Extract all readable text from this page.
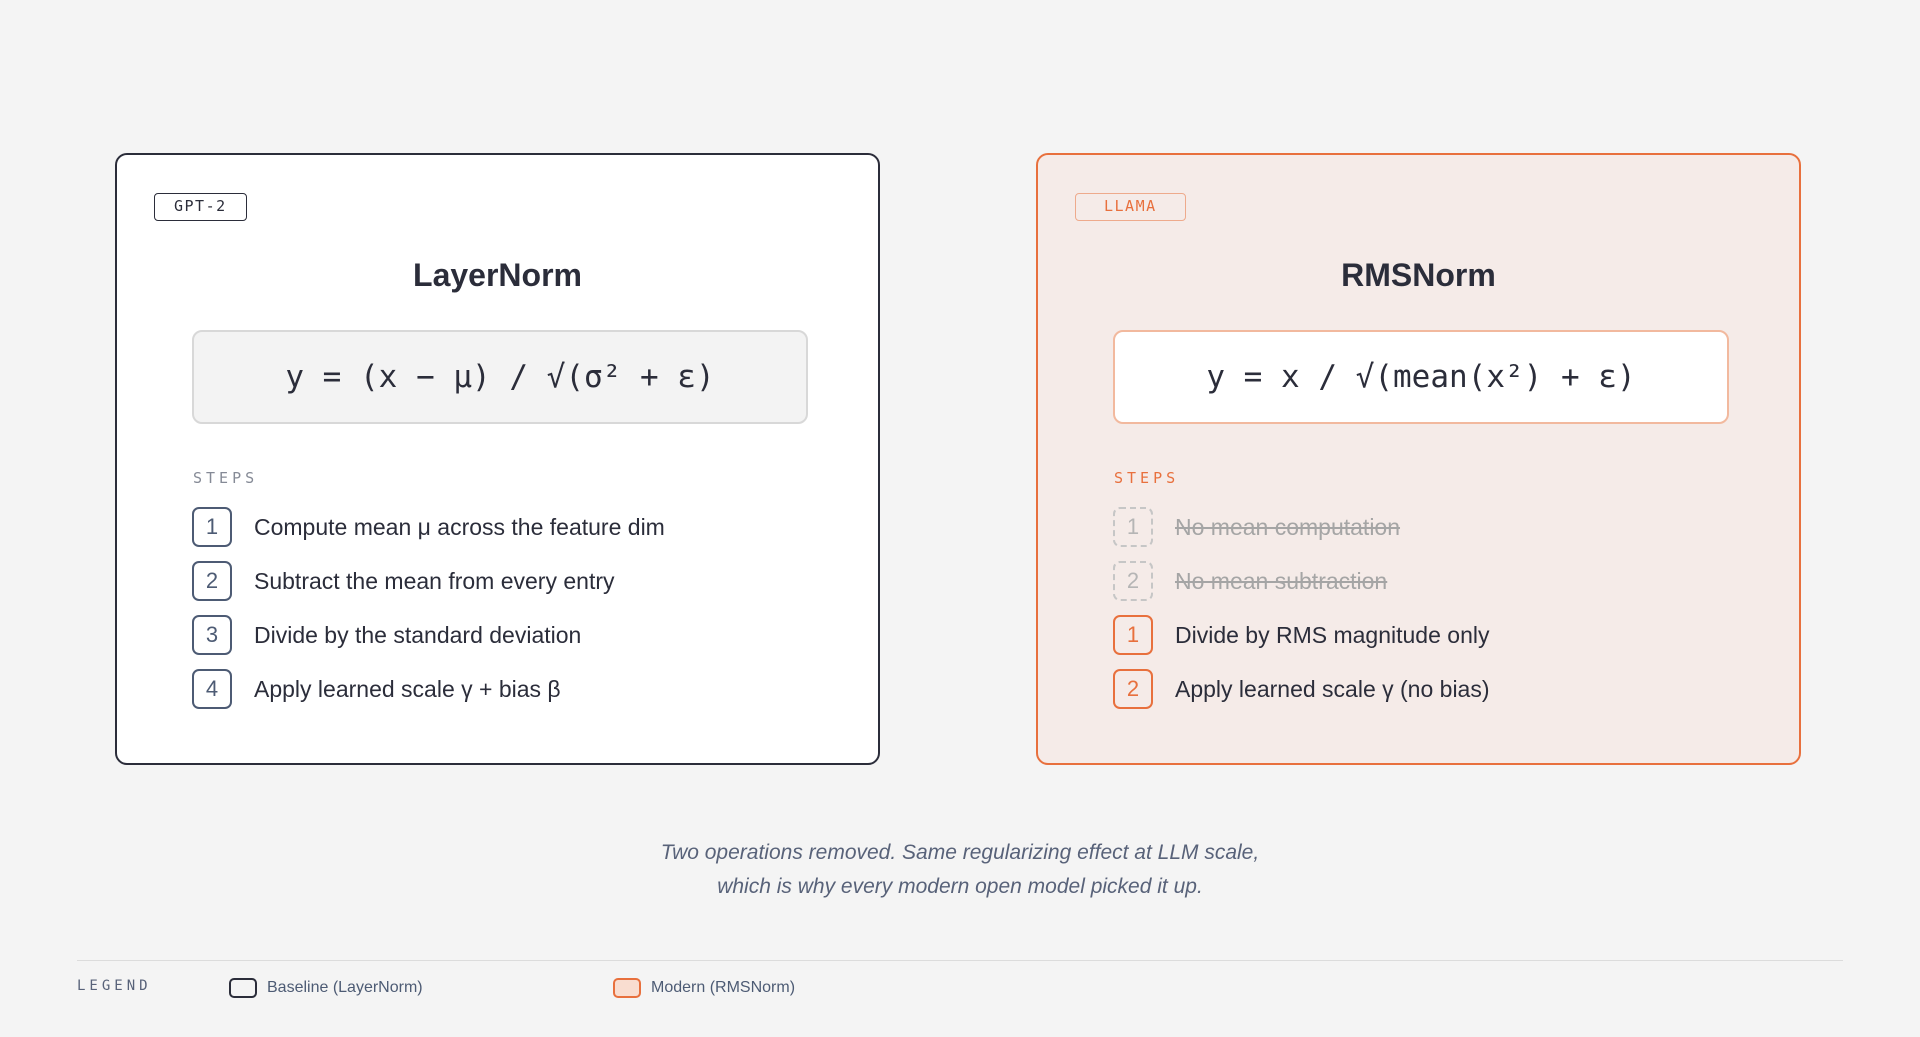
GPT-2
LayerNorm
y = (x − μ) / √(σ² + ε)
STEPS
1	Compute mean μ across the feature dim
2	Subtract the mean from every entry
3	Divide by the standard deviation
4	Apply learned scale γ + bias β
LLAMA
RMSNorm
y = x / √(mean(x²) + ε)
STEPS
1	No mean computation
2	No mean subtraction
1	Divide by RMS magnitude only
2	Apply learned scale γ (no bias)
Two operations removed. Same regularizing effect at LLM scale,
which is why every modern open model picked it up.
LEGEND	Baseline (LayerNorm)	Modern (RMSNorm)
